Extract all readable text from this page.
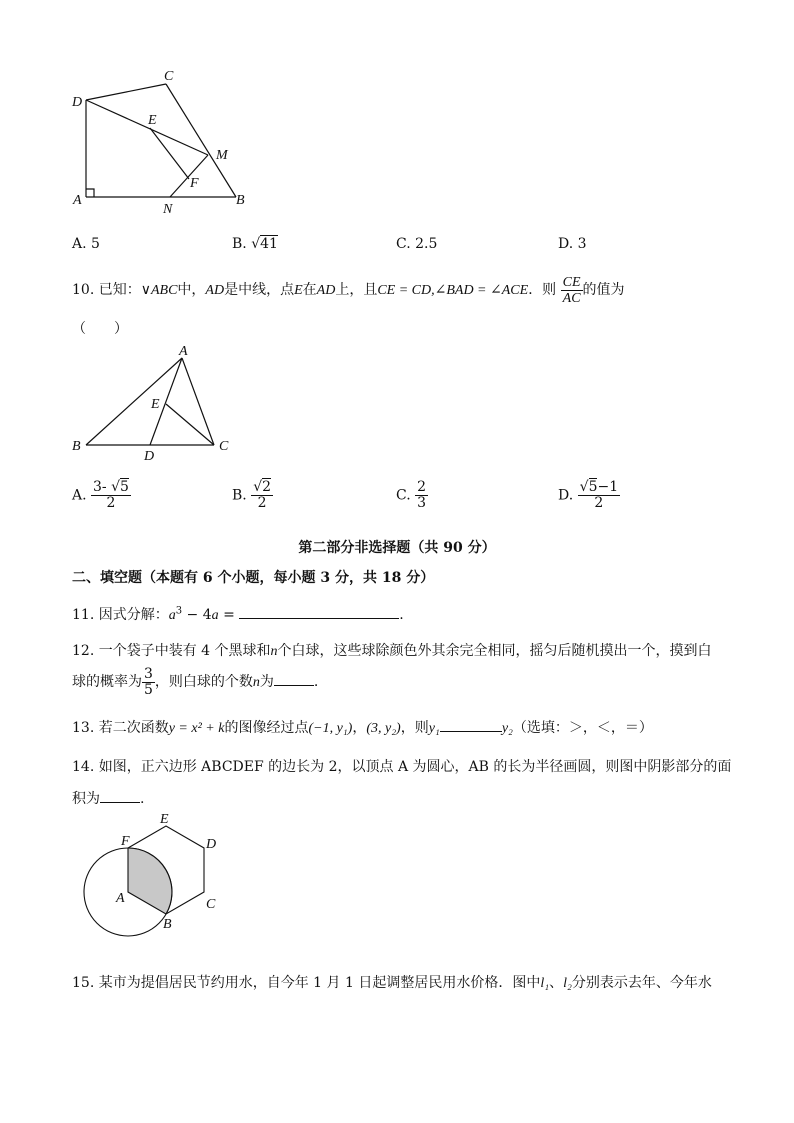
D
C
E
M
F
A
N
B
A. 5	B. √41	C. 2.5	D. 3
10. 已知：∨ABC中，AD是中线，点E在AD上，且CE = CD,∠BAD = ∠ACE．则 $\frac{CE}{AC}$ 的值为
（　　）
A
E
B
D
C
A. $\frac{3- √5}{2}$	B. $\frac{√2}{2}$	C. $\frac{2}{3}$	D. $\frac{√5-1}{2}$
第二部分非选择题（共 90 分）
二、填空题（本题有 6 个小题，每小题 3 分，共 18 分）
11. 因式分解：$a^3 - 4a$ =	.
12. 一个袋子中装有 4 个黑球和n个白球，这些球除颜色外其余完全相同，摇匀后随机摸出一个，摸到白
球的概率为 $\frac{3}{5}$ ，则白球的个数n为	.
13. 若二次函数y = x² + k的图像经过点(−1, y₁)，(3, y₂)，则y₁	y₂（选填：＞，＜，＝）
14. 如图，正六边形 ABCDEF 的边长为 2，以顶点 A 为圆心，AB 的长为半径画圆，则图中阴影部分的面
积为	.
F
E
D
C
A
B
15. 某市为提倡居民节约用水，自今年 1 月 1 日起调整居民用水价格．图中l₁、l₂分别表示去年、今年水
